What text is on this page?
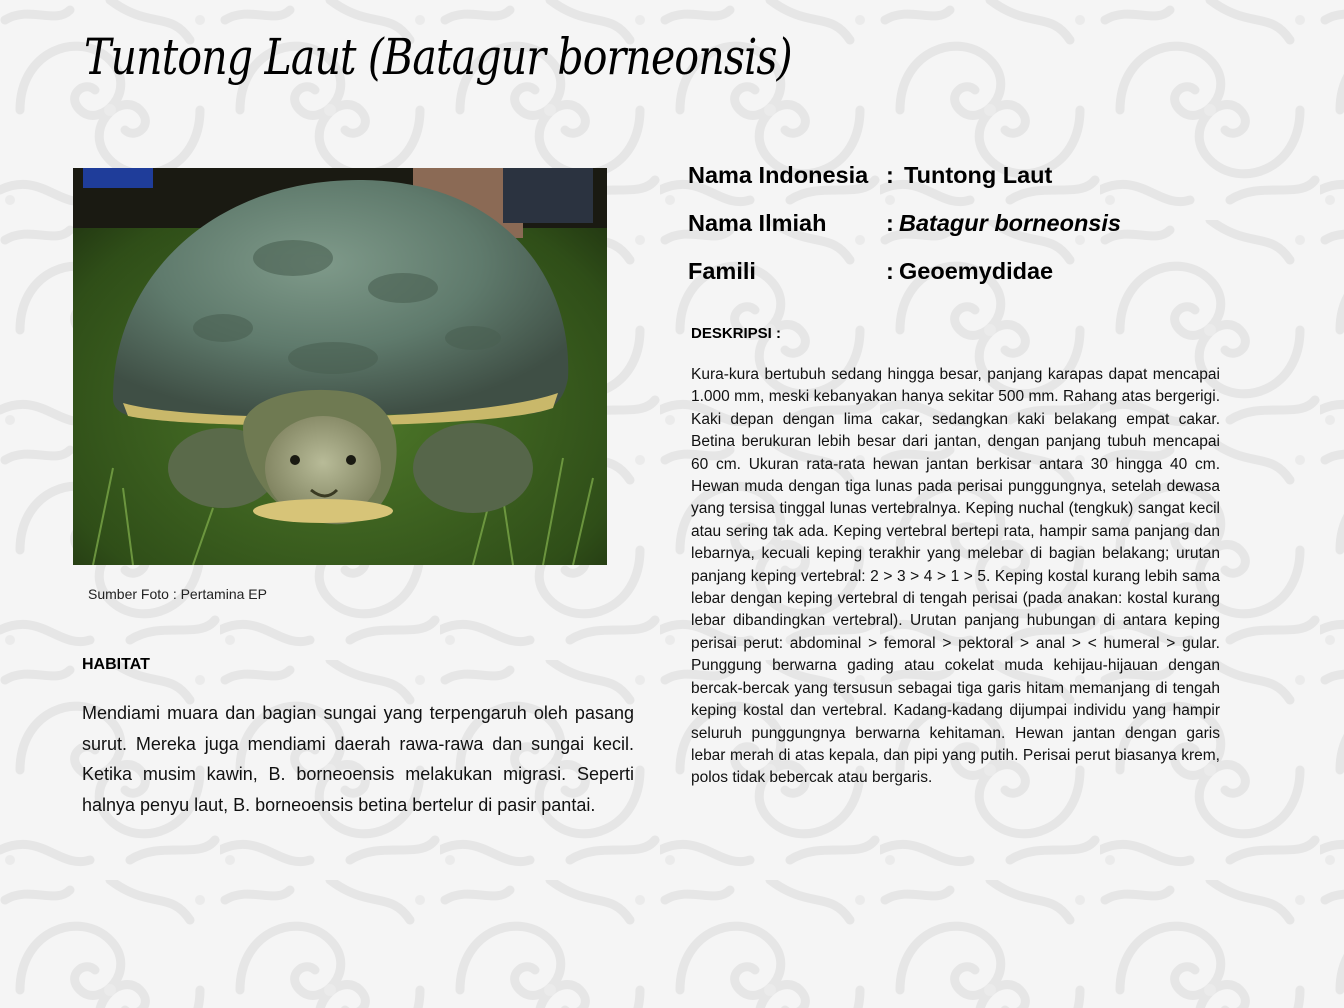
Tuntong Laut (Batagur borneonsis)
Sumber Foto : Pertamina EP
HABITAT
Mendiami muara dan bagian sungai yang terpengaruh oleh pasang surut. Mereka juga mendiami daerah rawa-rawa dan sungai kecil. Ketika musim kawin, B. borneoensis melakukan migrasi. Seperti halnya penyu laut, B. borneoensis betina bertelur di pasir pantai.
Nama Indonesia : Tuntong Laut
Nama Ilmiah	: Batagur borneonsis
Famili	: Geoemydidae
DESKRIPSI :
Kura-kura bertubuh sedang hingga besar, panjang karapas dapat mencapai 1.000 mm, meski kebanyakan hanya sekitar 500 mm. Rahang atas bergerigi. Kaki depan dengan lima cakar, sedangkan kaki belakang empat cakar. Betina berukuran lebih besar dari jantan, dengan panjang tubuh mencapai 60 cm. Ukuran rata-rata hewan jantan berkisar antara 30 hingga 40 cm. Hewan muda dengan tiga lunas pada perisai punggungnya, setelah dewasa yang tersisa tinggal lunas vertebralnya. Keping nuchal (tengkuk) sangat kecil atau sering tak ada. Keping vertebral bertepi rata, hampir sama panjang dan lebarnya, kecuali keping terakhir yang melebar di bagian belakang; urutan panjang keping vertebral: 2 > 3 > 4 > 1 > 5. Keping kostal kurang lebih sama lebar dengan keping vertebral di tengah perisai (pada anakan: kostal kurang lebar dibandingkan vertebral). Urutan panjang hubungan di antara keping perisai perut: abdominal > femoral > pektoral > anal > < humeral > gular. Punggung berwarna gading atau cokelat muda kehijau-hijauan dengan bercak-bercak yang tersusun sebagai tiga garis hitam memanjang di tengah keping kostal dan vertebral. Kadang-kadang dijumpai individu yang hampir seluruh punggungnya berwarna kehitaman. Hewan jantan dengan garis lebar merah di atas kepala, dan pipi yang putih. Perisai perut biasanya krem, polos tidak bebercak atau bergaris.
